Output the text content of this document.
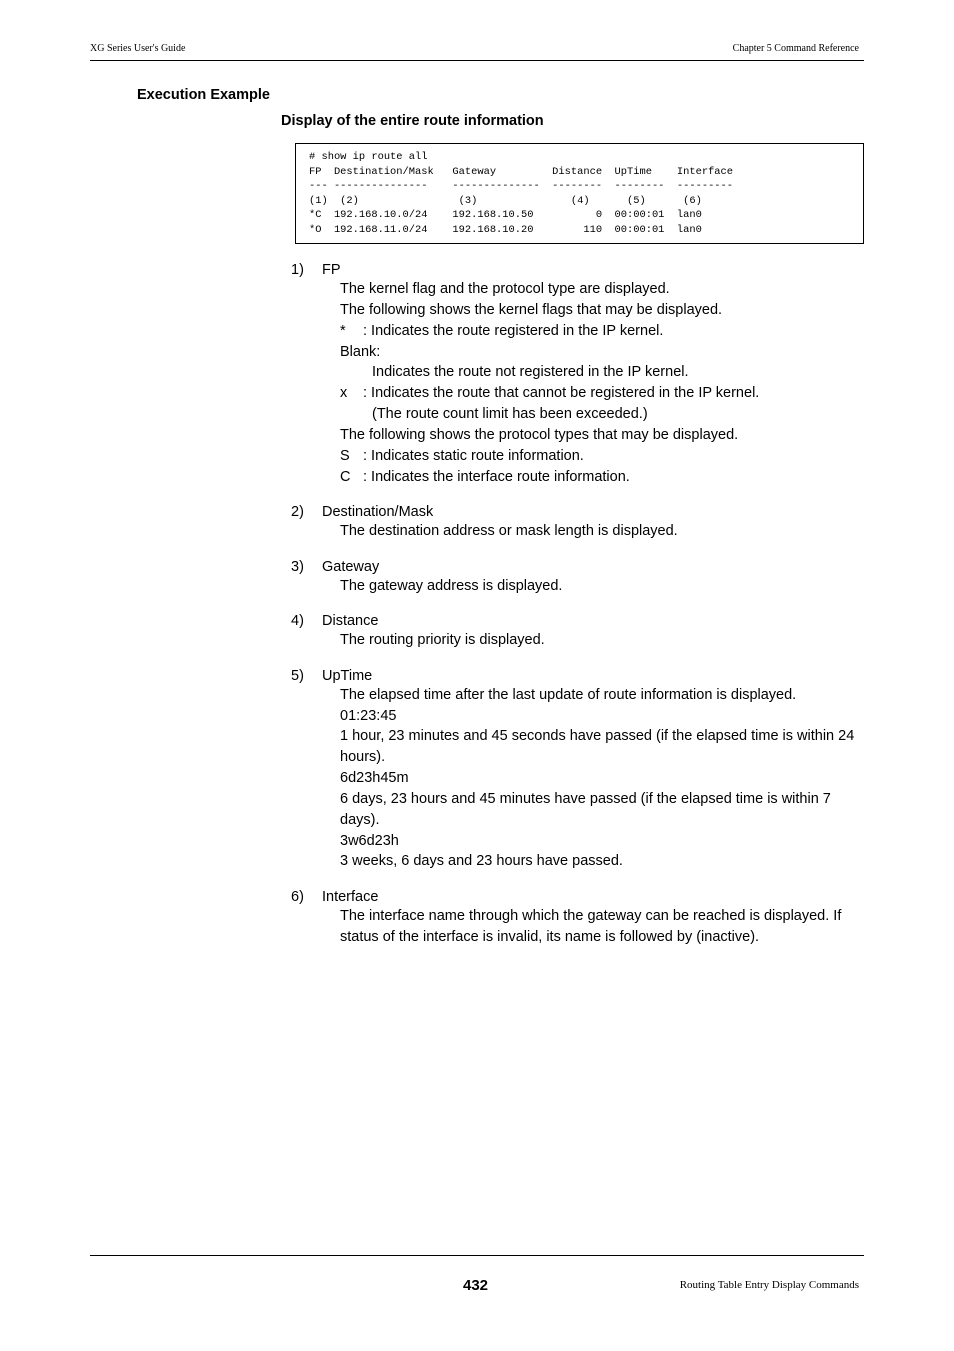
XG Series User's Guide	Chapter 5 Command Reference
Execution Example
Display of the entire route information
# show ip route all
FP  Destination/Mask   Gateway         Distance  UpTime    Interface
--- ---------------    --------------  --------  --------  ---------
(1)  (2)                (3)               (4)      (5)      (6)
*C  192.168.10.0/24    192.168.10.50          0  00:00:01  lan0
*O  192.168.11.0/24    192.168.10.20        110  00:00:01  lan0
1) FP
The kernel flag and the protocol type are displayed.
The following shows the kernel flags that may be displayed.
* : Indicates the route registered in the IP kernel.
Blank:
Indicates the route not registered in the IP kernel.
x : Indicates the route that cannot be registered in the IP kernel.
(The route count limit has been exceeded.)
The following shows the protocol types that may be displayed.
S : Indicates static route information.
C : Indicates the interface route information.
2) Destination/Mask
The destination address or mask length is displayed.
3) Gateway
The gateway address is displayed.
4) Distance
The routing priority is displayed.
5) UpTime
The elapsed time after the last update of route information is displayed.
01:23:45
1 hour, 23 minutes and 45 seconds have passed (if the elapsed time is within 24
hours).
6d23h45m
6 days, 23 hours and 45 minutes have passed (if the elapsed time is within 7
days).
3w6d23h
3 weeks, 6 days and 23 hours have passed.
6) Interface
The interface name through which the gateway can be reached is displayed. If
status of the interface is invalid, its name is followed by (inactive).
432	Routing Table Entry Display Commands
